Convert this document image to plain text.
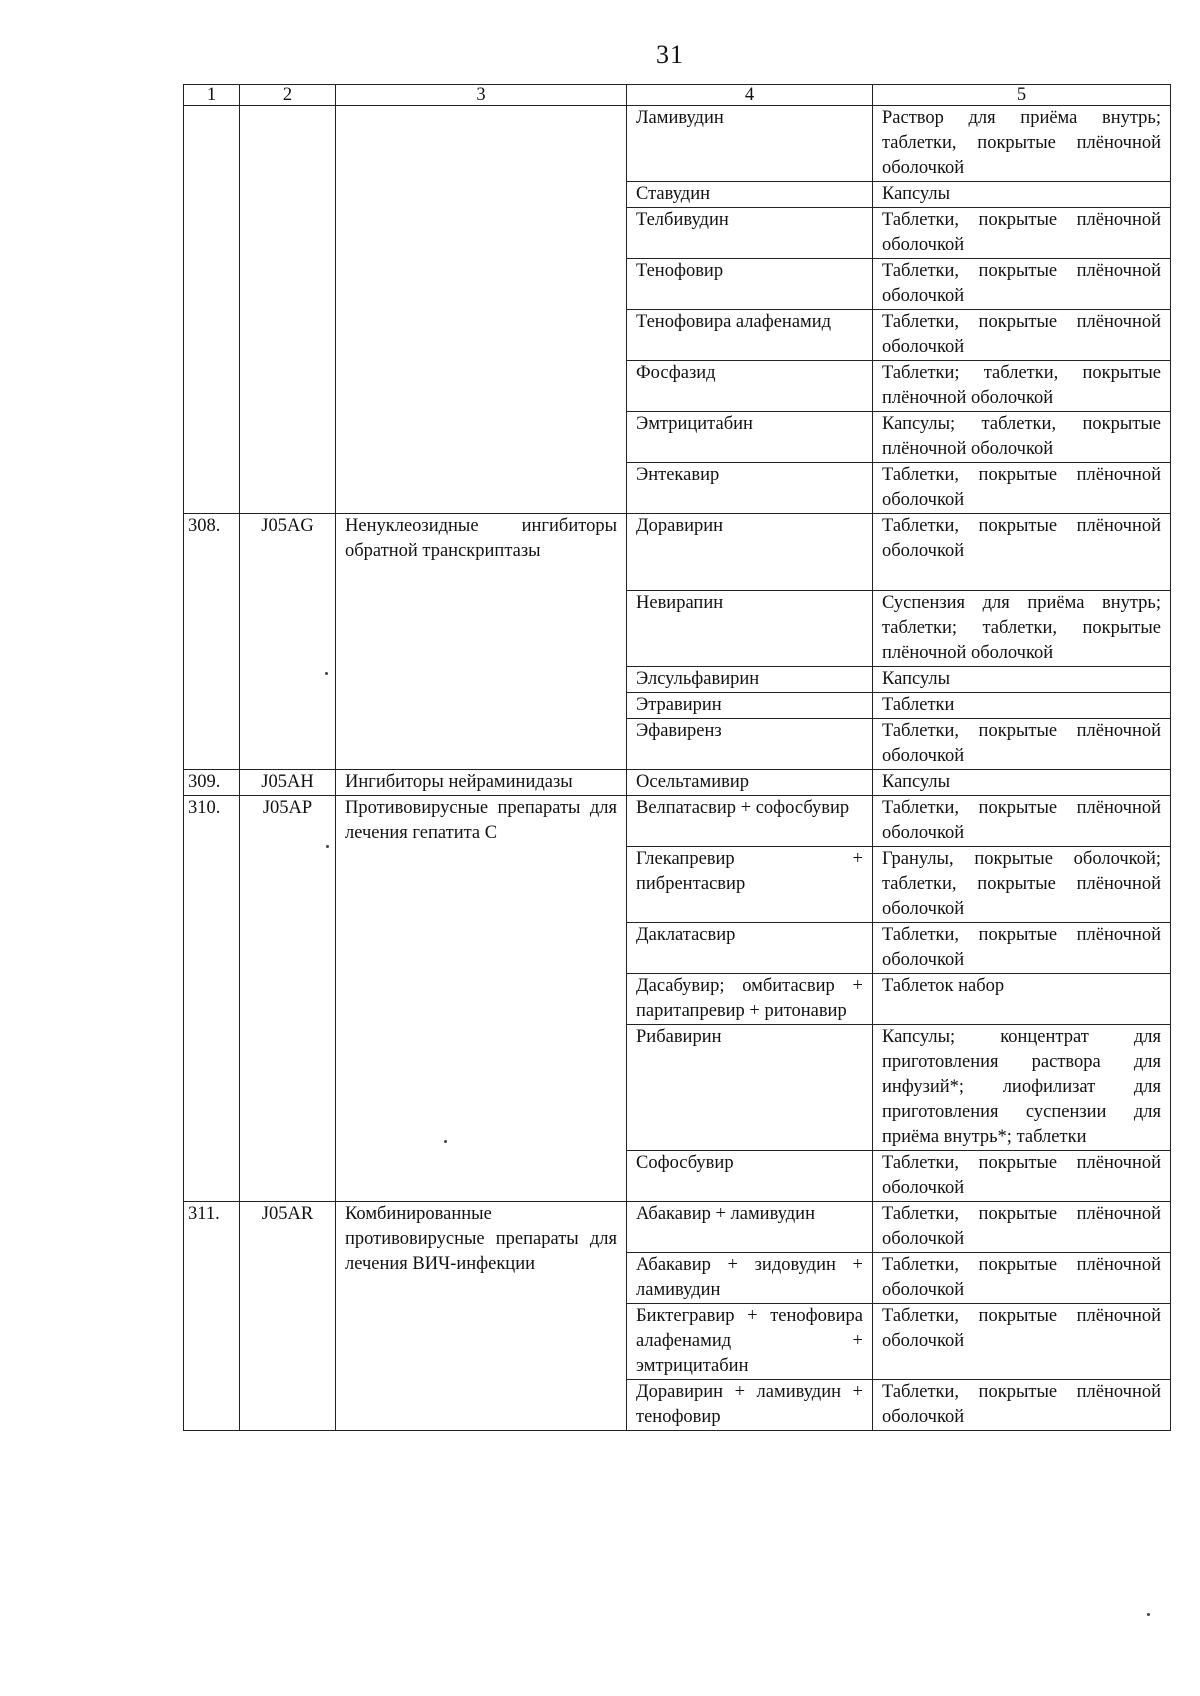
31
1	2	3	4	5
			Ламивудин	Раствор для приёма внутрь; таблетки, покрытые плёночной оболочкой
			Ставудин	Капсулы
			Телбивудин	Таблетки, покрытые плёночной оболочкой
			Тенофовир	Таблетки, покрытые плёночной оболочкой
			Тенофовира алафенамид	Таблетки, покрытые плёночной оболочкой
			Фосфазид	Таблетки; таблетки, покрытые плёночной оболочкой
			Эмтрицитабин	Капсулы; таблетки, покрытые плёночной оболочкой
			Энтекавир	Таблетки, покрытые плёночной оболочкой
308.	J05AG	Ненуклеозидные ингибиторы обратной транскриптазы	Доравирин	Таблетки, покрытые плёночной оболочкой
			Невирапин	Суспензия для приёма внутрь; таблетки; таблетки, покрытые плёночной оболочкой
			Элсульфавирин	Капсулы
			Этравирин	Таблетки
			Эфавиренз	Таблетки, покрытые плёночной оболочкой
309.	J05AH	Ингибиторы нейраминидазы	Осельтамивир	Капсулы
310.	J05AP	Противовирусные препараты для лечения гепатита С	Велпатасвир + софосбувир	Таблетки, покрытые плёночной оболочкой
			Глекапревир + пибрентасвир	Гранулы, покрытые оболочкой; таблетки, покрытые плёночной оболочкой
			Даклатасвир	Таблетки, покрытые плёночной оболочкой
			Дасабувир; омбитасвир + паритапревир + ритонавир	Таблеток набор
			Рибавирин	Капсулы; концентрат для приготовления раствора для инфузий*; лиофилизат для приготовления суспензии для приёма внутрь*; таблетки
			Софосбувир	Таблетки, покрытые плёночной оболочкой
311.	J05AR	Комбинированные противовирусные препараты для лечения ВИЧ-инфекции	Абакавир + ламивудин	Таблетки, покрытые плёночной оболочкой
			Абакавир + зидовудин + ламивудин	Таблетки, покрытые плёночной оболочкой
			Биктегравир + тенофовира алафенамид + эмтрицитабин	Таблетки, покрытые плёночной оболочкой
			Доравирин + ламивудин + тенофовир	Таблетки, покрытые плёночной оболочкой
